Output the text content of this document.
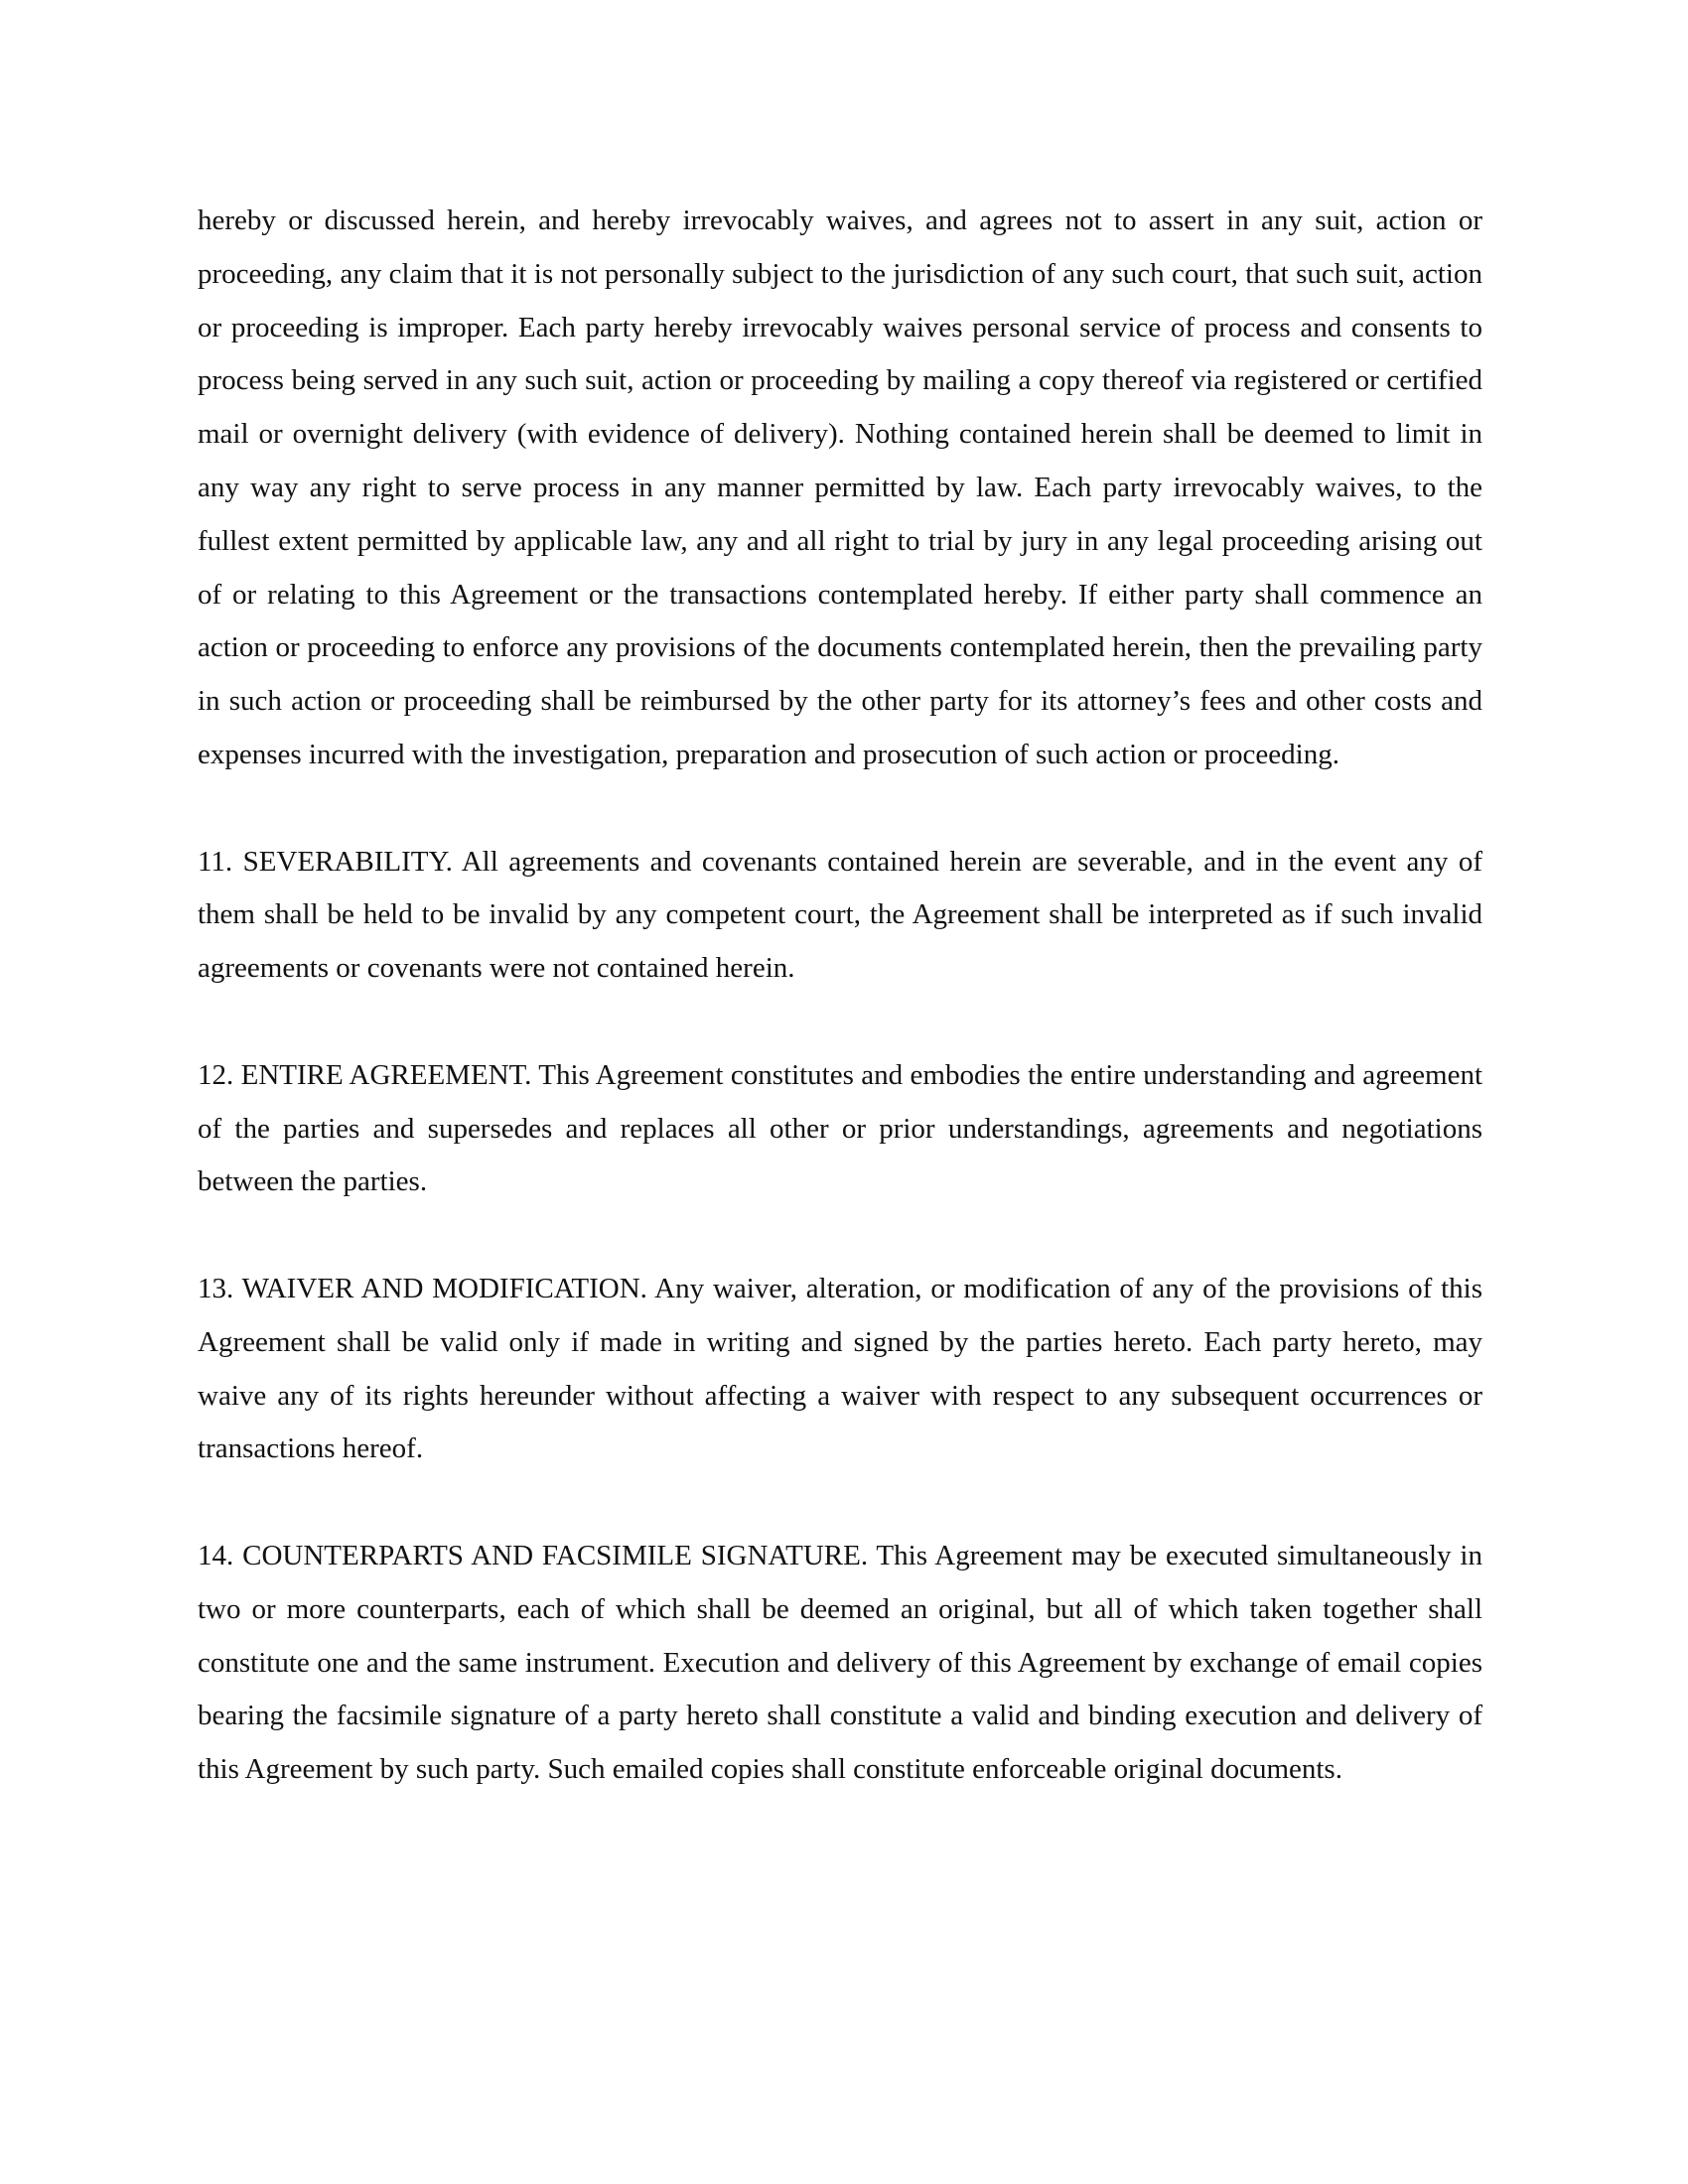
hereby or discussed herein, and hereby irrevocably waives, and agrees not to assert in any suit, action or proceeding, any claim that it is not personally subject to the jurisdiction of any such court, that such suit, action or proceeding is improper. Each party hereby irrevocably waives personal service of process and consents to process being served in any such suit, action or proceeding by mailing a copy thereof via registered or certified mail or overnight delivery (with evidence of delivery). Nothing contained herein shall be deemed to limit in any way any right to serve process in any manner permitted by law. Each party irrevocably waives, to the fullest extent permitted by applicable law, any and all right to trial by jury in any legal proceeding arising out of or relating to this Agreement or the transactions contemplated hereby. If either party shall commence an action or proceeding to enforce any provisions of the documents contemplated herein, then the prevailing party in such action or proceeding shall be reimbursed by the other party for its attorney’s fees and other costs and expenses incurred with the investigation, preparation and prosecution of such action or proceeding.

11. SEVERABILITY. All agreements and covenants contained herein are severable, and in the event any of them shall be held to be invalid by any competent court, the Agreement shall be interpreted as if such invalid agreements or covenants were not contained herein.

12. ENTIRE AGREEMENT. This Agreement constitutes and embodies the entire understanding and agreement of the parties and supersedes and replaces all other or prior understandings, agreements and negotiations between the parties.

13. WAIVER AND MODIFICATION. Any waiver, alteration, or modification of any of the provisions of this Agreement shall be valid only if made in writing and signed by the parties hereto. Each party hereto, may waive any of its rights hereunder without affecting a waiver with respect to any subsequent occurrences or transactions hereof.

14. COUNTERPARTS AND FACSIMILE SIGNATURE. This Agreement may be executed simultaneously in two or more counterparts, each of which shall be deemed an original, but all of which taken together shall constitute one and the same instrument. Execution and delivery of this Agreement by exchange of email copies bearing the facsimile signature of a party hereto shall constitute a valid and binding execution and delivery of this Agreement by such party. Such emailed copies shall constitute enforceable original documents.
